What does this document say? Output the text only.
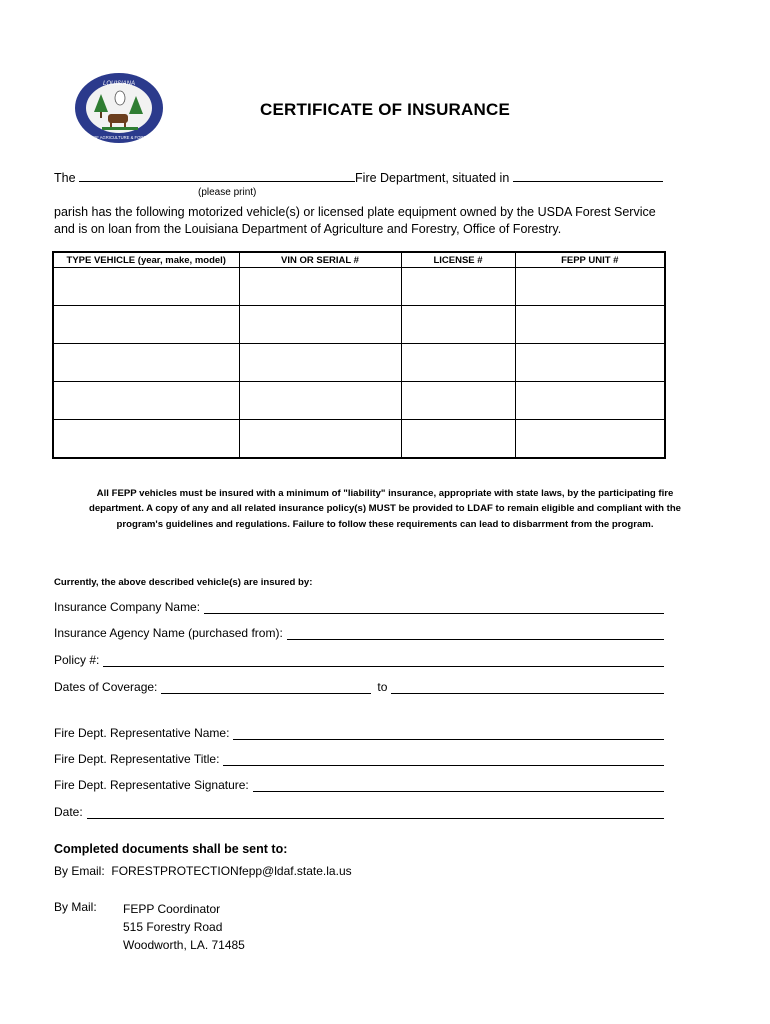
LOUISIANA
DEPT OF AGRICULTURE & FORESTRY
CERTIFICATE OF INSURANCE
The	Fire Department, situated in
(please print)
parish has the following motorized vehicle(s) or licensed plate equipment owned by the USDA Forest Service and is on loan from the Louisiana Department of Agriculture and Forestry, Office of Forestry.
TYPE VEHICLE (year, make, model)	VIN OR SERIAL #	LICENSE #	FEPP UNIT #

All FEPP vehicles must be insured with a minimum of "liability" insurance, appropriate with state laws, by the participating fire department. A copy of any and all related insurance policy(s) MUST be provided to LDAF to remain eligible and compliant with the program's guidelines and regulations. Failure to follow these requirements can lead to disbarrment from the program.
Currently, the above described vehicle(s) are insured by:
Insurance Company Name:
Insurance Agency Name (purchased from):
Policy #:
Dates of Coverage:	to
Fire Dept. Representative Name:
Fire Dept. Representative Title:
Fire Dept. Representative Signature:
Date:
Completed documents shall be sent to:
By Email: FORESTPROTECTIONfepp@ldaf.state.la.us
By Mail: FEPP Coordinator
515 Forestry Road
Woodworth, LA. 71485
